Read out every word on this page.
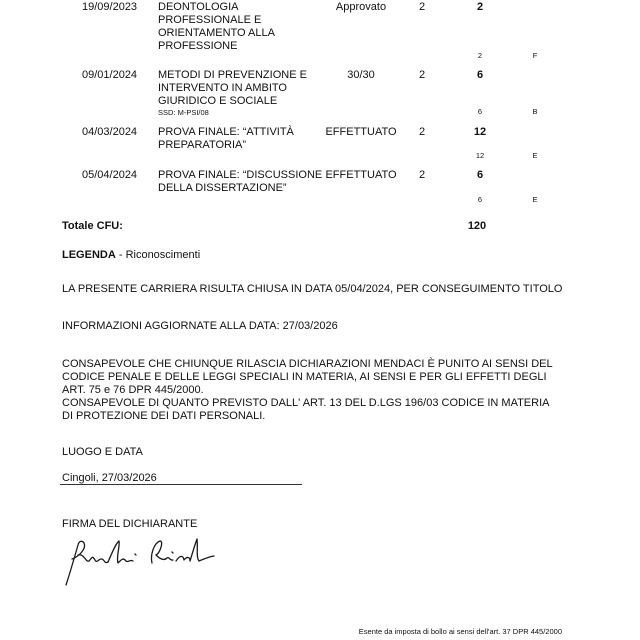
19/09/2023 DEONTOLOGIA
PROFESSIONALE E
ORIENTAMENTO ALLA
PROFESSIONE
Approvato	2	2
2	F
09/01/2024 METODI DI PREVENZIONE E
INTERVENTO IN AMBITO
GIURIDICO E SOCIALE
SSD: M-PSI/08
30/30	2	6
6	B
04/03/2024 PROVA FINALE: “ATTIVITÀ
PREPARATORIA”
EFFETTUATO	2	12
12	E
05/04/2024 PROVA FINALE: “DISCUSSIONE
DELLA DISSERTAZIONE”
EFFETTUATO	2	6
6	E
Totale CFU:	120
LEGENDA - Riconoscimenti
LA PRESENTE CARRIERA RISULTA CHIUSA IN DATA 05/04/2024, PER CONSEGUIMENTO TITOLO
INFORMAZIONI AGGIORNATE ALLA DATA: 27/03/2026
CONSAPEVOLE CHE CHIUNQUE RILASCIA DICHIARAZIONI MENDACI È PUNITO AI SENSI DEL
CODICE PENALE E DELLE LEGGI SPECIALI IN MATERIA, AI SENSI E PER GLI EFFETTI DEGLI
ART. 75 e 76 DPR 445/2000.
CONSAPEVOLE DI QUANTO PREVISTO DALL' ART. 13 DEL D.LGS 196/03 CODICE IN MATERIA
DI PROTEZIONE DEI DATI PERSONALI.
LUOGO E DATA
Cingoli, 27/03/2026
FIRMA DEL DICHIARANTE
Esente da imposta di bollo ai sensi dell'art. 37 DPR 445/2000
